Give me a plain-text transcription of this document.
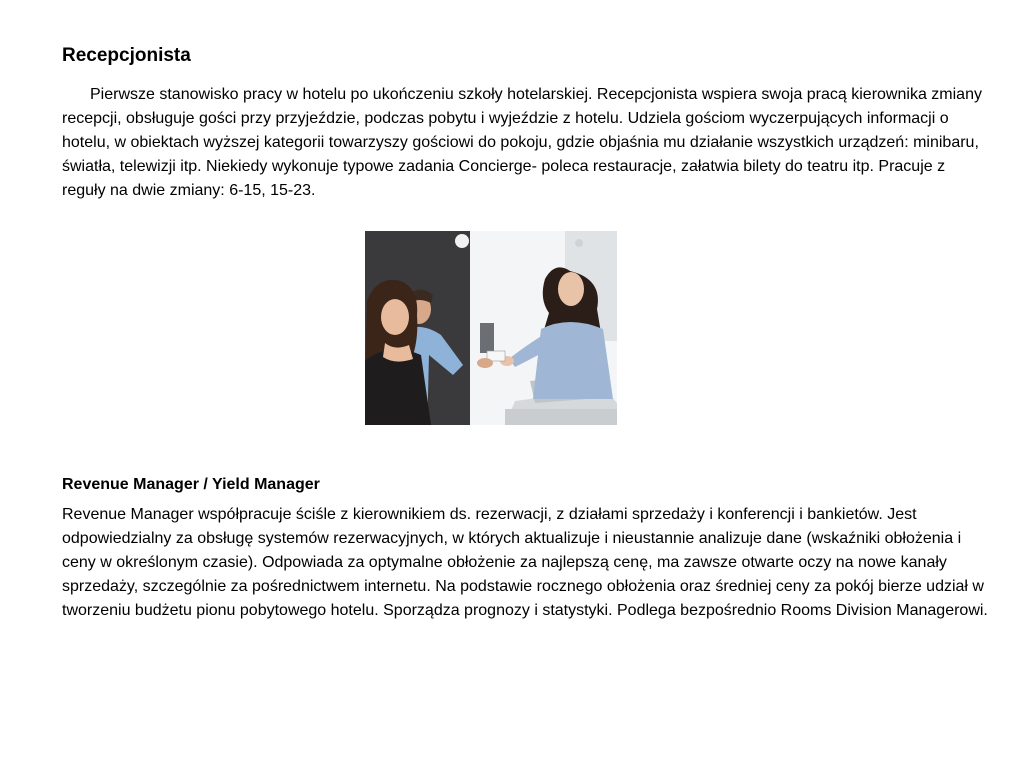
Recepcjonista

Pierwsze stanowisko pracy w hotelu po ukończeniu szkoły hotelarskiej. Recepcjonista wspiera swoja pracą kierownika zmiany recepcji, obsługuje gości przy przyjeździe, podczas pobytu i wyjeździe z hotelu. Udziela gościom wyczerpujących informacji o hotelu, w obiektach wyższej kategorii towarzyszy gościowi do pokoju, gdzie objaśnia mu działanie wszystkich urządzeń: minibaru, światła, telewizji itp. Niekiedy wykonuje typowe zadania Concierge- poleca restauracje, załatwia bilety do teatru itp. Pracuje z reguły na dwie zmiany: 6-15, 15-23.

Revenue Manager / Yield Manager

Revenue Manager współpracuje ściśle z kierownikiem ds. rezerwacji, z działami sprzedaży i konferencji i bankietów. Jest odpowiedzialny za obsługę systemów rezerwacyjnych, w których aktualizuje i nieustannie analizuje dane (wskaźniki obłożenia i ceny w określonym czasie). Odpowiada za optymalne obłożenie za najlepszą cenę, ma zawsze otwarte oczy na nowe kanały sprzedaży, szczególnie za pośrednictwem internetu. Na podstawie rocznego obłożenia oraz średniej ceny za pokój bierze udział w tworzeniu budżetu pionu pobytowego hotelu. Sporządza prognozy i statystyki. Podlega bezpośrednio Rooms Division Managerowi.
